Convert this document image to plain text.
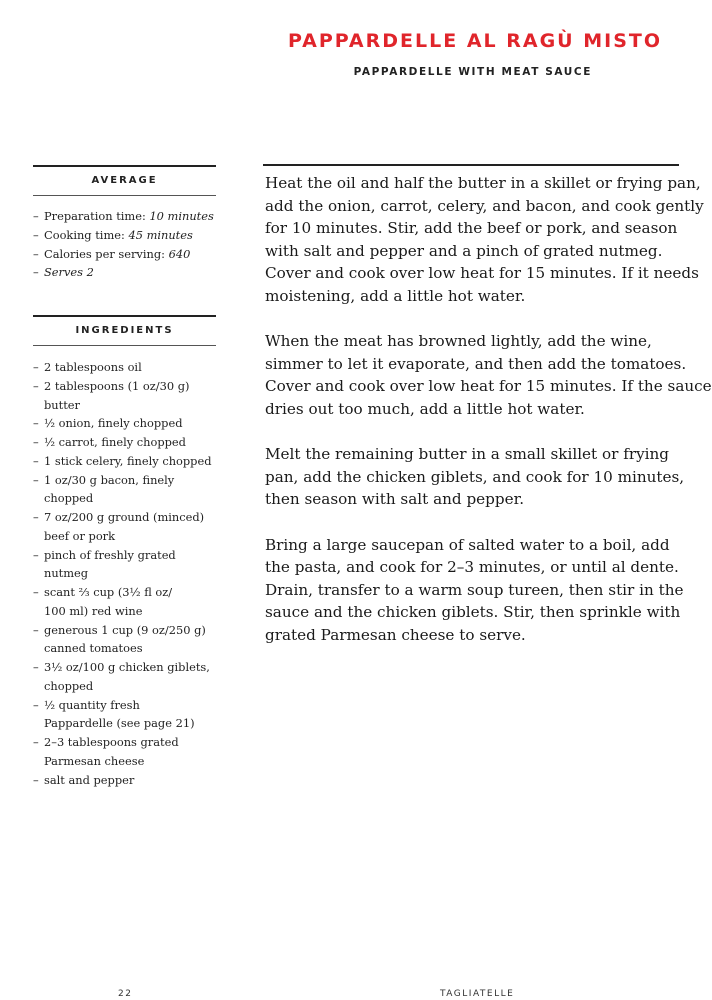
PAPPARDELLE AL RAGÙ MISTO
PAPPARDELLE WITH MEAT SAUCE
AVERAGE
– Preparation time: 10 minutes
– Cooking time: 45 minutes
– Calories per serving: 640
– Serves 2
INGREDIENTS
– 2 tablespoons oil
– 2 tablespoons (1 oz/30 g)
butter
– ½ onion, finely chopped
– ½ carrot, finely chopped
– 1 stick celery, finely chopped
– 1 oz/30 g bacon, finely
chopped
– 7 oz/200 g ground (minced)
beef or pork
– pinch of freshly grated
nutmeg
– scant ⅔ cup (3½ fl oz/
100 ml) red wine
– generous 1 cup (9 oz/250 g)
canned tomatoes
– 3½ oz/100 g chicken giblets,
chopped
– ½ quantity fresh
Pappardelle (see page 21)
– 2–3 tablespoons grated
Parmesan cheese
– salt and pepper

Heat the oil and half the butter in a skillet or frying pan,
add the onion, carrot, celery, and bacon, and cook gently
for 10 minutes. Stir, add the beef or pork, and season
with salt and pepper and a pinch of grated nutmeg.
Cover and cook over low heat for 15 minutes. If it needs
moistening, add a little hot water.

When the meat has browned lightly, add the wine,
simmer to let it evaporate, and then add the tomatoes.
Cover and cook over low heat for 15 minutes. If the sauce
dries out too much, add a little hot water.

Melt the remaining butter in a small skillet or frying
pan, add the chicken giblets, and cook for 10 minutes,
then season with salt and pepper.

Bring a large saucepan of salted water to a boil, add
the pasta, and cook for 2–3 minutes, or until al dente.
Drain, transfer to a warm soup tureen, then stir in the
sauce and the chicken giblets. Stir, then sprinkle with
grated Parmesan cheese to serve.

22	TAGLIATELLE
